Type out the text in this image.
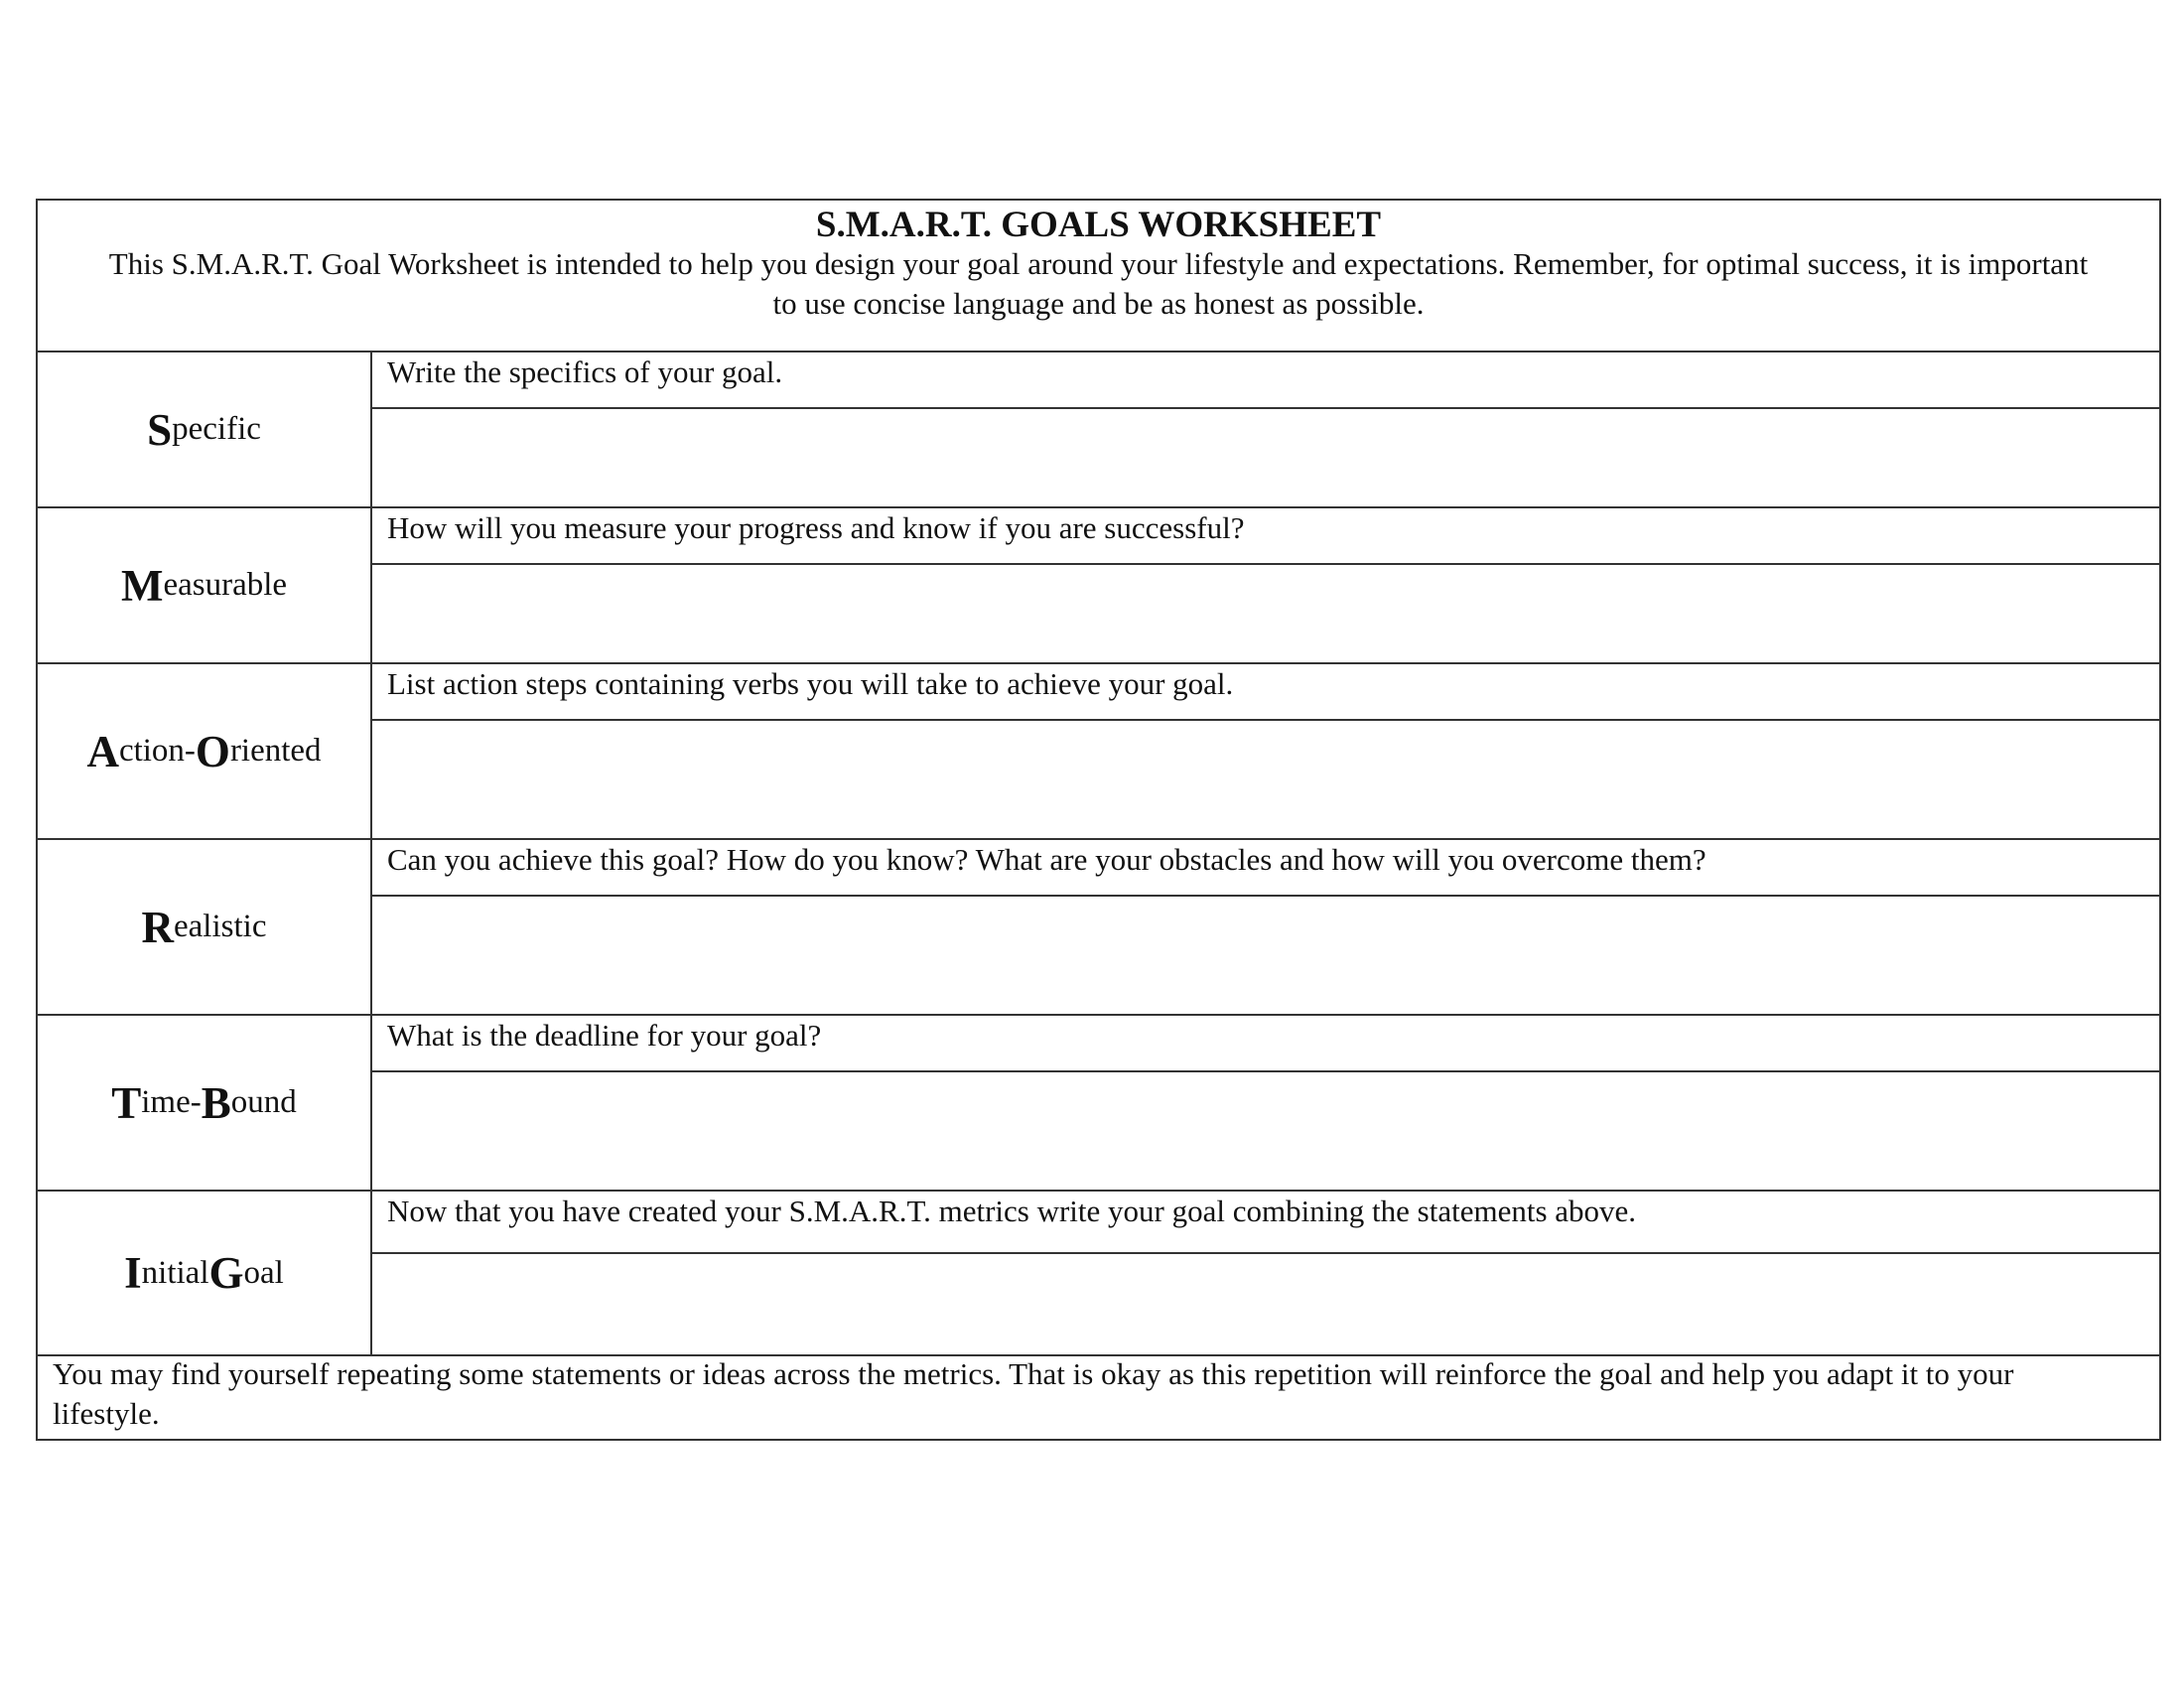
S.M.A.R.T. GOALS WORKSHEET
This S.M.A.R.T. Goal Worksheet is intended to help you design your goal around your lifestyle and expectations. Remember, for optimal success, it is important to use concise language and be as honest as possible.
S pecific
Write the specifics of your goal.
M easurable
How will you measure your progress and know if you are successful?
A ction- O riented
List action steps containing verbs you will take to achieve your goal.
R ealistic
Can you achieve this goal? How do you know? What are your obstacles and how will you overcome them?
T ime- B ound
What is the deadline for your goal?
I nitial G oal
Now that you have created your S.M.A.R.T. metrics write your goal combining the statements above.
You may find yourself repeating some statements or ideas across the metrics. That is okay as this repetition will reinforce the goal and help you adapt it to your lifestyle.
